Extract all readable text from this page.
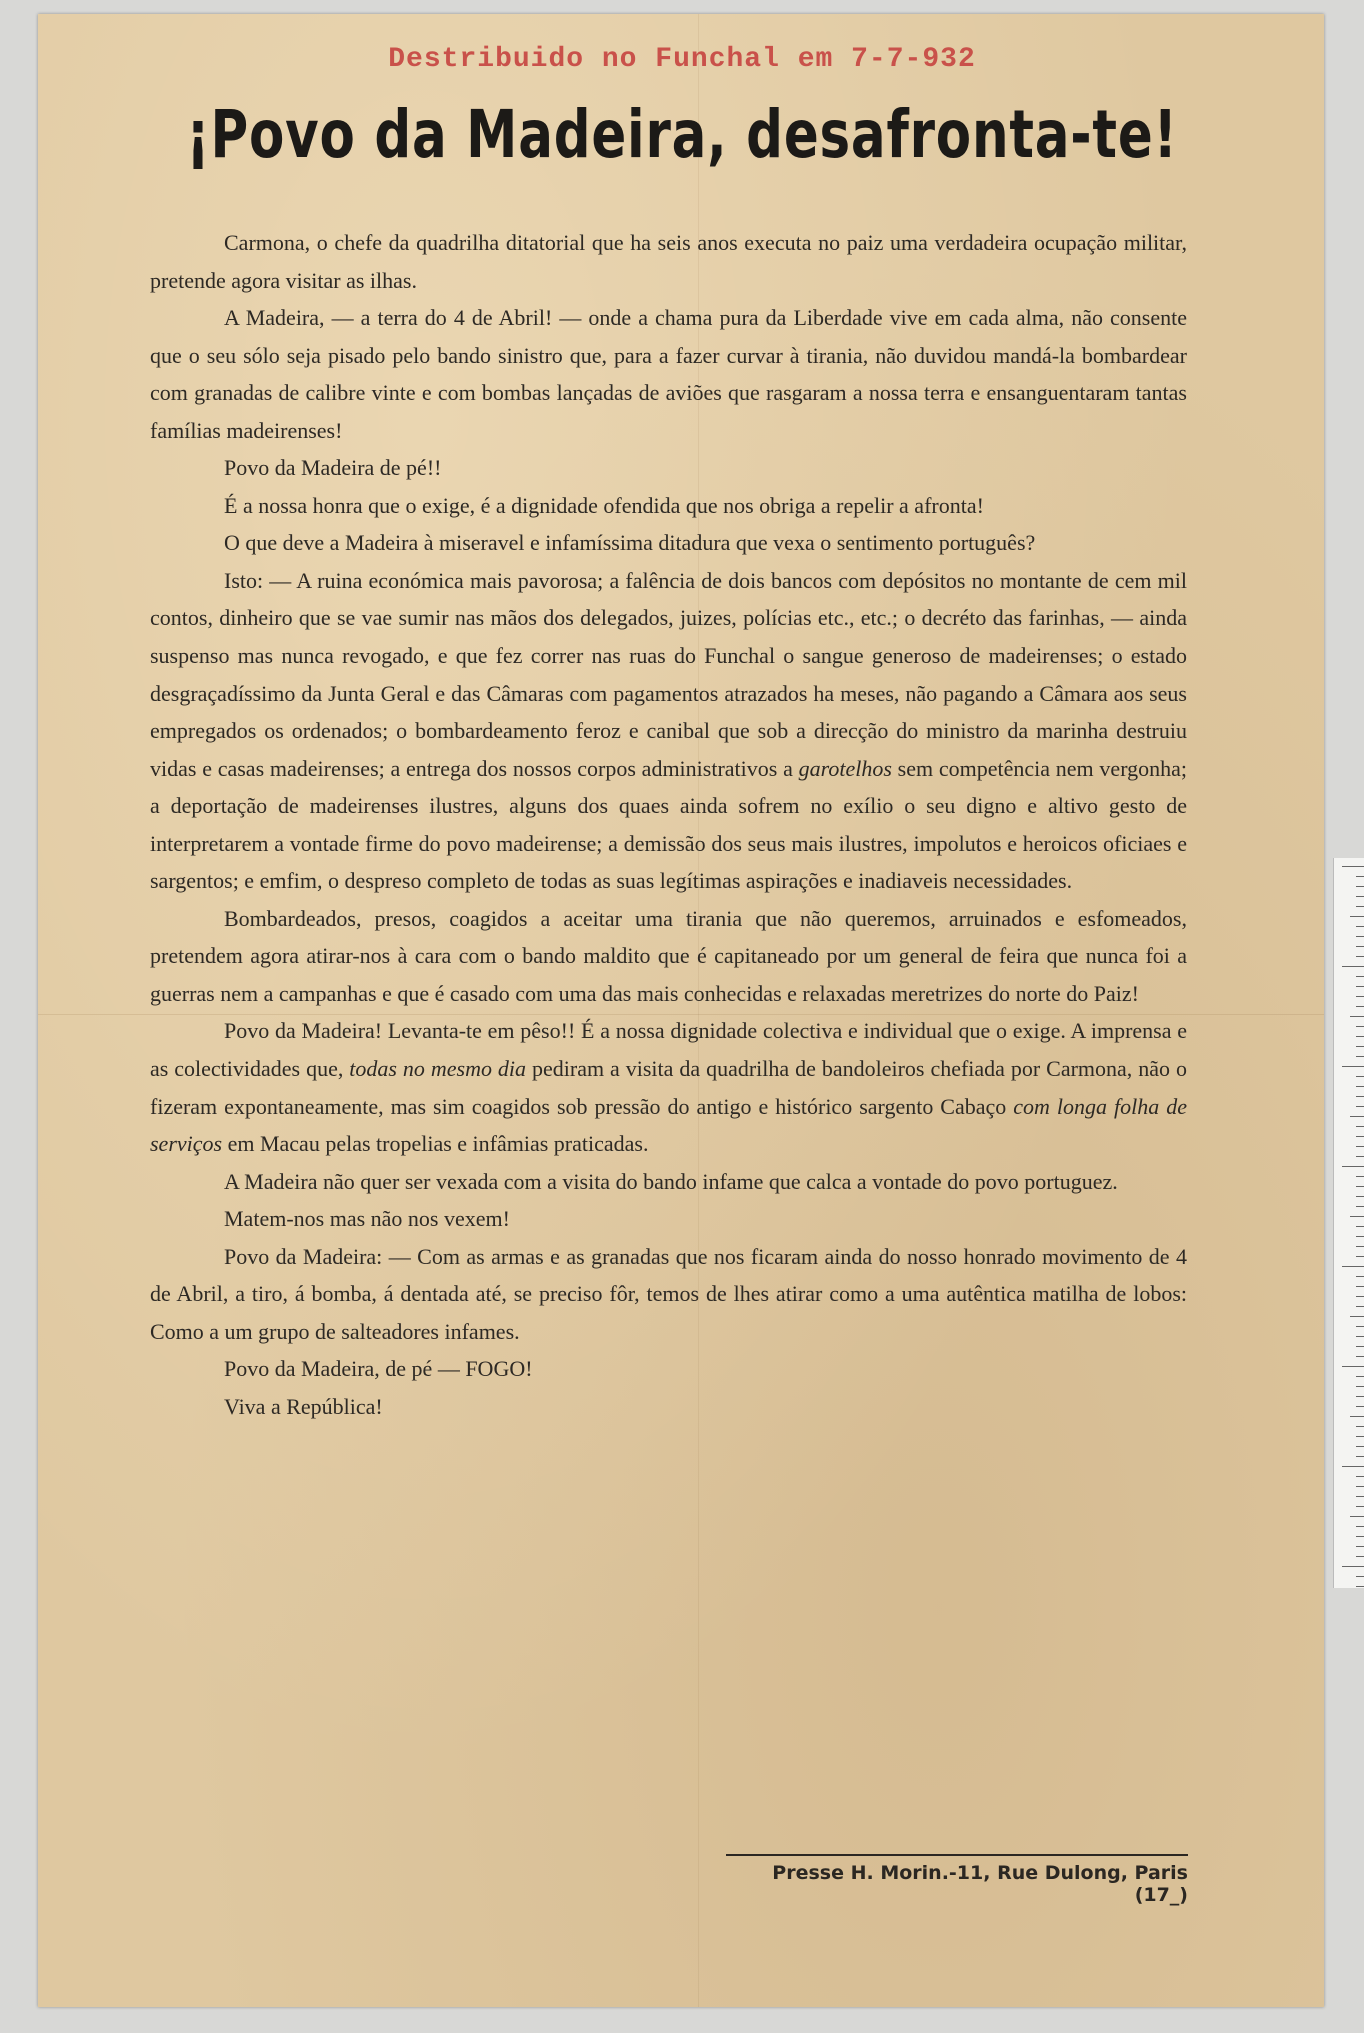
Destribuido no Funchal em 7-7-932
¡Povo da Madeira, desafronta-te!

Carmona, o chefe da quadrilha ditatorial que ha seis anos executa no paiz uma verdadeira ocupação militar, pretende agora visitar as ilhas.

A Madeira, — a terra do 4 de Abril! — onde a chama pura da Liberdade vive em cada alma, não consente que o seu sólo seja pisado pelo bando sinistro que, para a fazer curvar à tirania, não duvidou mandá-la bombardear com granadas de calibre vinte e com bombas lançadas de aviões que rasgaram a nossa terra e ensanguentaram tantas famílias madeirenses!

Povo da Madeira de pé!!

É a nossa honra que o exige, é a dignidade ofendida que nos obriga a repelir a afronta!

O que deve a Madeira à miseravel e infamíssima ditadura que vexa o sentimento português?

Isto: — A ruina económica mais pavorosa; a falência de dois bancos com depósitos no montante de cem mil contos, dinheiro que se vae sumir nas mãos dos delegados, juizes, polícias etc., etc.; o decréto das farinhas, — ainda suspenso mas nunca revogado, e que fez correr nas ruas do Funchal o sangue generoso de madeirenses; o estado desgraçadíssimo da Junta Geral e das Câmaras com pagamentos atrazados ha meses, não pagando a Câmara aos seus empregados os ordenados; o bombardeamento feroz e canibal que sob a direcção do ministro da marinha destruiu vidas e casas madeirenses; a entrega dos nossos corpos administrativos a garotelhos sem competência nem vergonha; a deportação de madeirenses ilustres, alguns dos quaes ainda sofrem no exílio o seu digno e altivo gesto de interpretarem a vontade firme do povo madeirense; a demissão dos seus mais ilustres, impolutos e heroicos oficiaes e sargentos; e emfim, o despreso completo de todas as suas legítimas aspirações e inadiaveis necessidades.

Bombardeados, presos, coagidos a aceitar uma tirania que não queremos, arruinados e esfomeados, pretendem agora atirar-nos à cara com o bando maldito que é capitaneado por um general de feira que nunca foi a guerras nem a campanhas e que é casado com uma das mais conhecidas e relaxadas meretrizes do norte do Paiz!

Povo da Madeira! Levanta-te em pêso!! É a nossa dignidade colectiva e individual que o exige. A imprensa e as colectividades que, todas no mesmo dia pediram a visita da quadrilha de bandoleiros chefiada por Carmona, não o fizeram expontaneamente, mas sim coagidos sob pressão do antigo e histórico sargento Cabaço com longa folha de serviços em Macau pelas tropelias e infâmias praticadas.

A Madeira não quer ser vexada com a visita do bando infame que calca a vontade do povo portuguez.

Matem-nos mas não nos vexem!

Povo da Madeira: — Com as armas e as granadas que nos ficaram ainda do nosso honrado movimento de 4 de Abril, a tiro, á bomba, á dentada até, se preciso fôr, temos de lhes atirar como a uma autêntica matilha de lobos: Como a um grupo de salteadores infames.

Povo da Madeira, de pé — FOGO!

Viva a República!

Presse H. Morin.-11, Rue Dulong, Paris (17_)
